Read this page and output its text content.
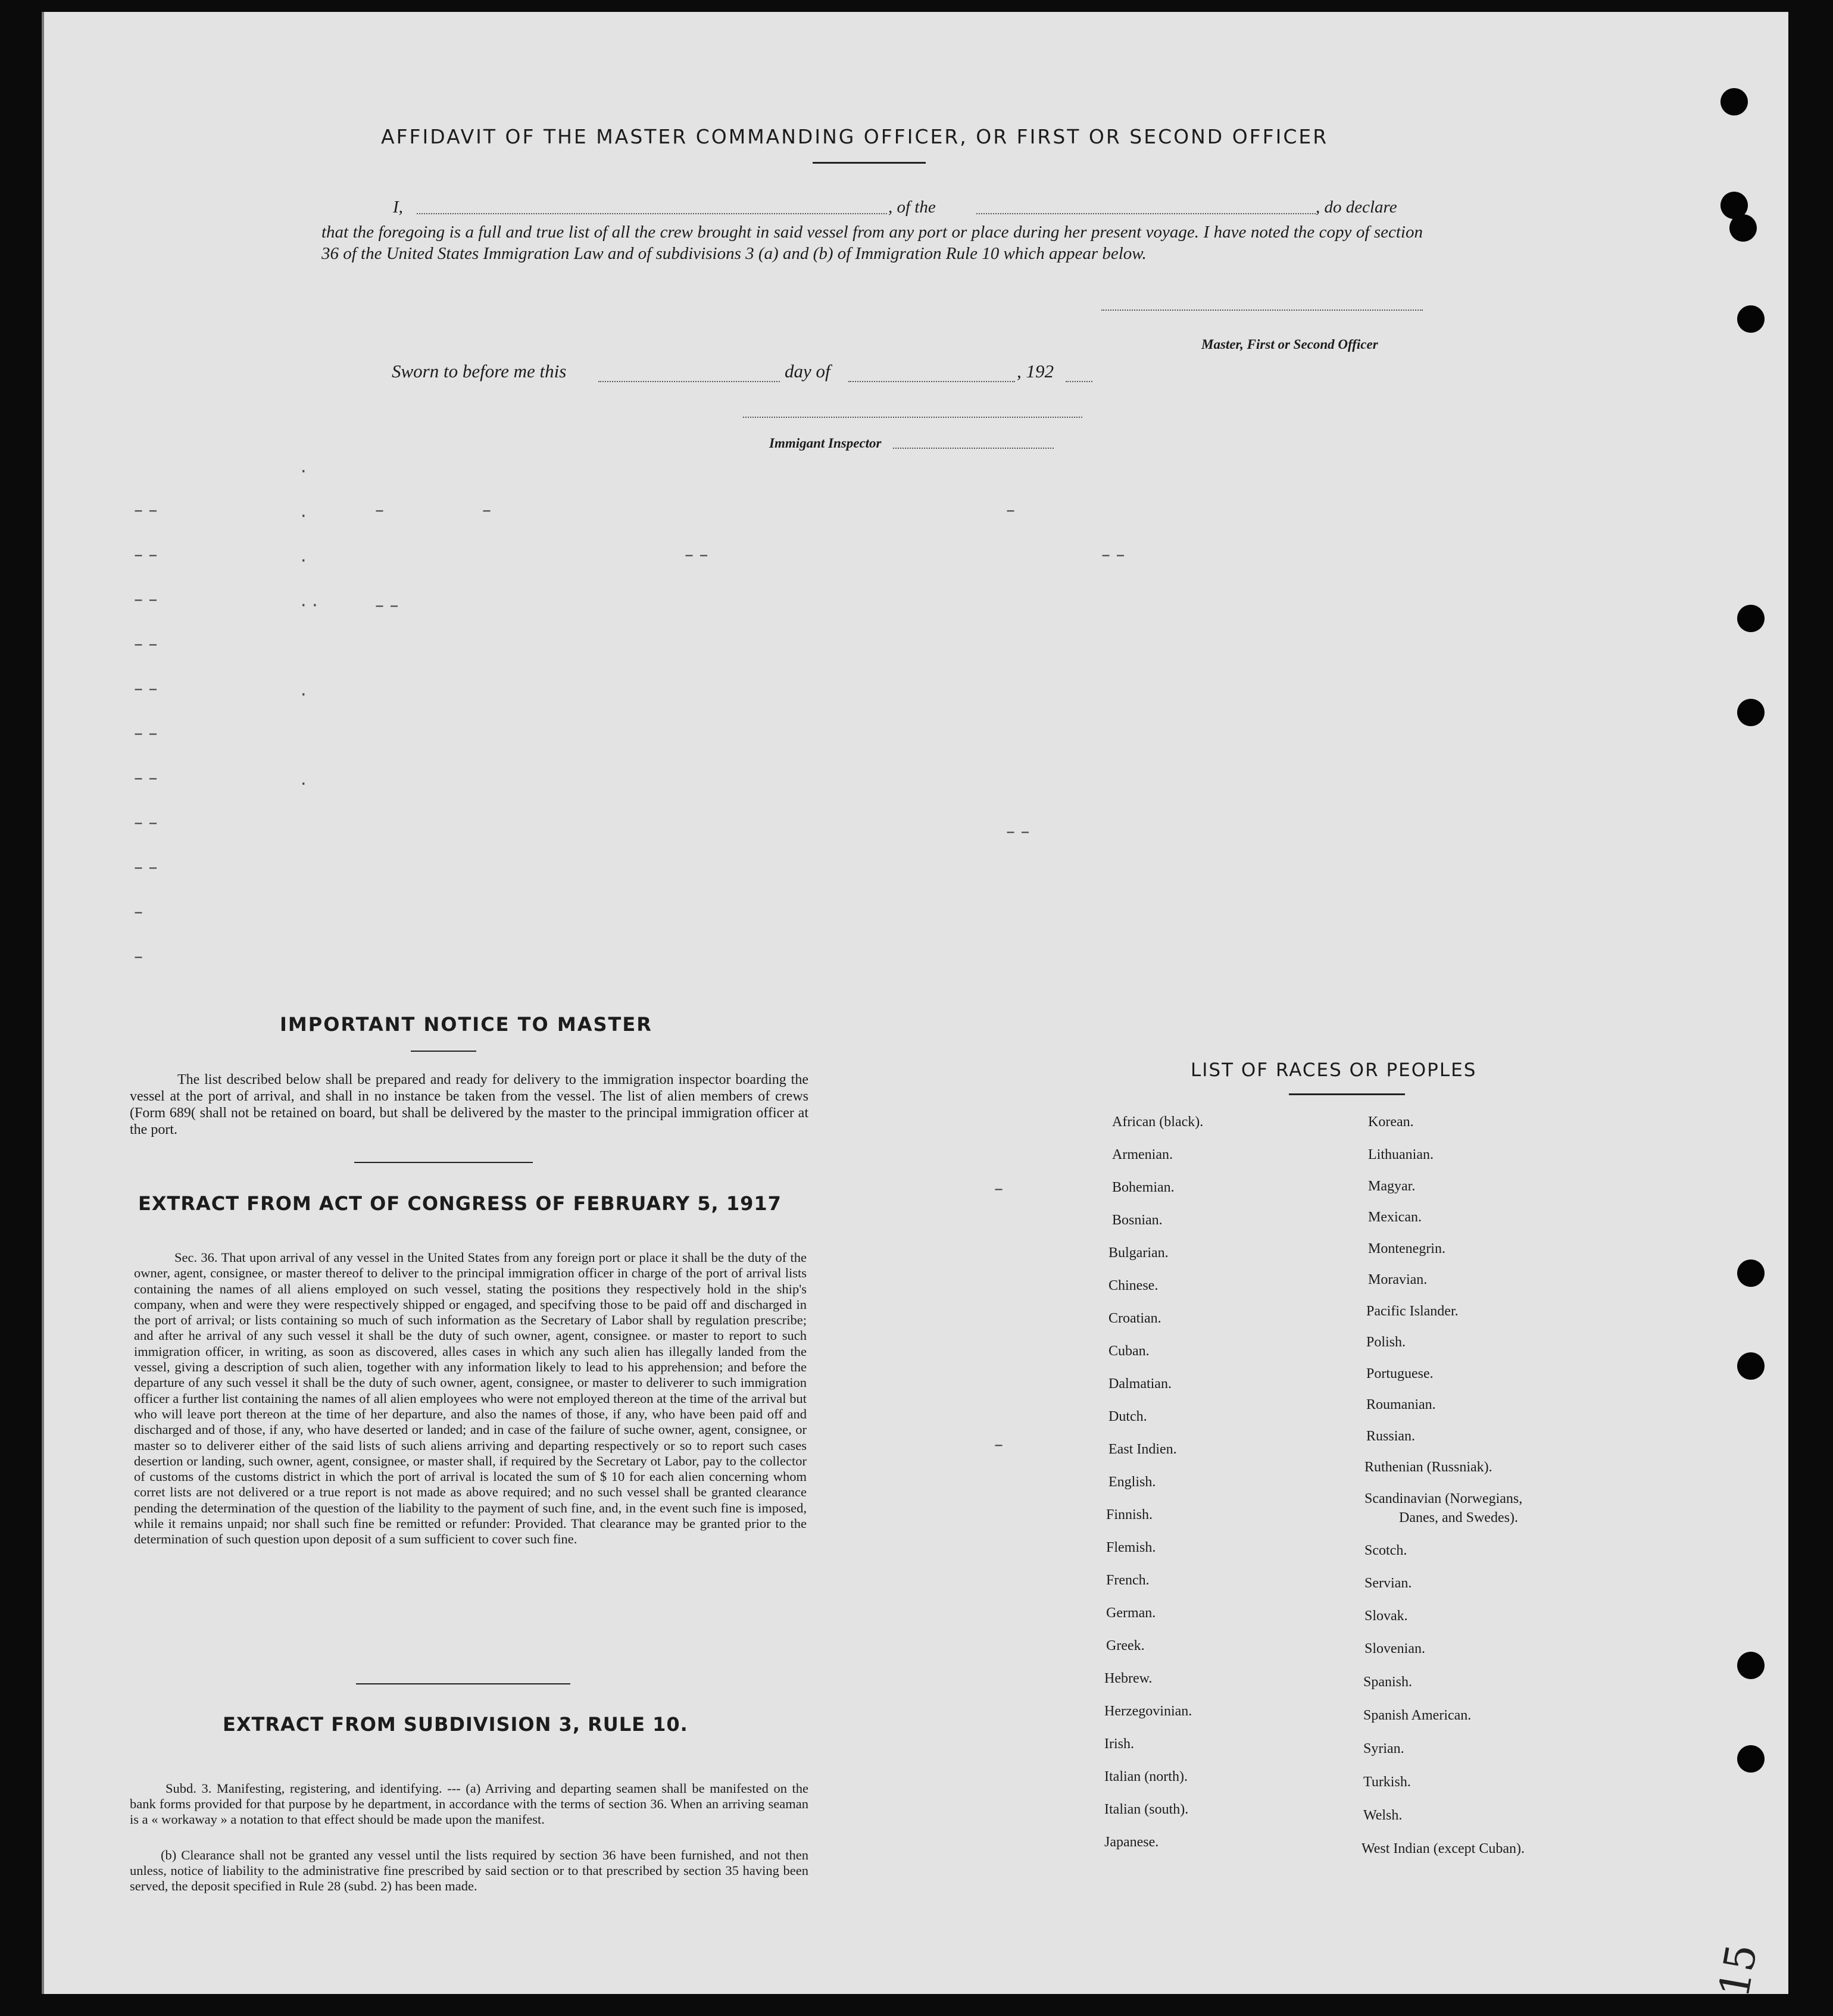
AFFIDAVIT OF THE MASTER COMMANDING OFFICER, OR FIRST OR SECOND OFFICER
I,	, of the	, do declare
that the foregoing is a full and true list of all the crew brought in said vessel from any port or place during her present voyage. I have noted the copy of section 36 of the United States Immigration Law and of subdivisions 3 (a) and (b) of Immigration Rule 10 which appear below.
Master, First or Second Officer
Sworn to before me this	day of	, 192
Immigant Inspector
– –
– –
– –
– –
– –
– –
– –
– –
– –
–
–
·
·
·
· ·
·
·
–
– –
–
– –
–
– –
– –
–
–
IMPORTANT NOTICE TO MASTER
The list described below shall be prepared and ready for delivery to the immigration inspector boarding the vessel at the port of arrival, and shall in no instance be taken from the vessel. The list of alien members of crews (Form 689( shall not be retained on board, but shall be delivered by the master to the principal immigration officer at the port.
EXTRACT FROM ACT OF CONGRESS OF FEBRUARY 5, 1917
Sec. 36. That upon arrival of any vessel in the United States from any foreign port or place it shall be the duty of the owner, agent, consignee, or master thereof to deliver to the principal immigration officer in charge of the port of arrival lists containing the names of all aliens employed on such vessel, stating the positions they respectively hold in the ship's company, when and were they were respectively shipped or engaged, and specifving those to be paid off and discharged in the port of arrival; or lists containing so much of such information as the Secretary of Labor shall by regulation prescribe; and after he arrival of any such vessel it shall be the duty of such owner, agent, consignee. or master to report to such immigration officer, in writing, as soon as discovered, alles cases in which any such alien has illegally landed from the vessel, giving a description of such alien, together with any information likely to lead to his apprehension; and before the departure of any such vessel it shall be the duty of such owner, agent, consignee, or master to deliverer to such immigration officer a further list containing the names of all alien employees who were not employed thereon at the time of the arrival but who will leave port thereon at the time of her departure, and also the names of those, if any, who have been paid off and discharged and of those, if any, who have deserted or landed; and in case of the failure of suche owner, agent, consignee, or master so to deliverer either of the said lists of such aliens arriving and departing respectively or so to report such cases desertion or landing, such owner, agent, consignee, or master shall, if required by the Secretary ot Labor, pay to the collector of customs of the customs district in which the port of arrival is located the sum of $ 10 for each alien concerning whom corret lists are not delivered or a true report is not made as above required; and no such vessel shall be granted clearance pending the determination of the question of the liability to the payment of such fine, and, in the event such fine is imposed, while it remains unpaid; nor shall such fine be remitted or refunder: Provided. That clearance may be granted prior to the determination of such question upon deposit of a sum sufficient to cover such fine.
EXTRACT FROM SUBDIVISION 3, RULE 10.
Subd. 3. Manifesting, registering, and identifying. --- (a) Arriving and departing seamen shall be manifested on the bank forms provided for that purpose by he department, in accordance with the terms of section 36. When an arriving seaman is a « workaway » a notation to that effect should be made upon the manifest.
(b) Clearance shall not be granted any vessel until the lists required by section 36 have been furnished, and not then unless, notice of liability to the administrative fine prescribed by said section or to that prescribed by section 35 having been served, the deposit specified in Rule 28 (subd. 2) has been made.
LIST OF RACES OR PEOPLES
African (black).
Armenian.
Bohemian.
Bosnian.
Bulgarian.
Chinese.
Croatian.
Cuban.
Dalmatian.
Dutch.
East Indien.
English.
Finnish.
Flemish.
French.
German.
Greek.
Hebrew.
Herzegovinian.
Irish.
Italian (north).
Italian (south).
Japanese.
Korean.
Lithuanian.
Magyar.
Mexican.
Montenegrin.
Moravian.
Pacific Islander.
Polish.
Portuguese.
Roumanian.
Russian.
Ruthenian (Russniak).
Scandinavian (Norwegians,
Danes, and Swedes).
Scotch.
Servian.
Slovak.
Slovenian.
Spanish.
Spanish American.
Syrian.
Turkish.
Welsh.
West Indian (except Cuban).
15
